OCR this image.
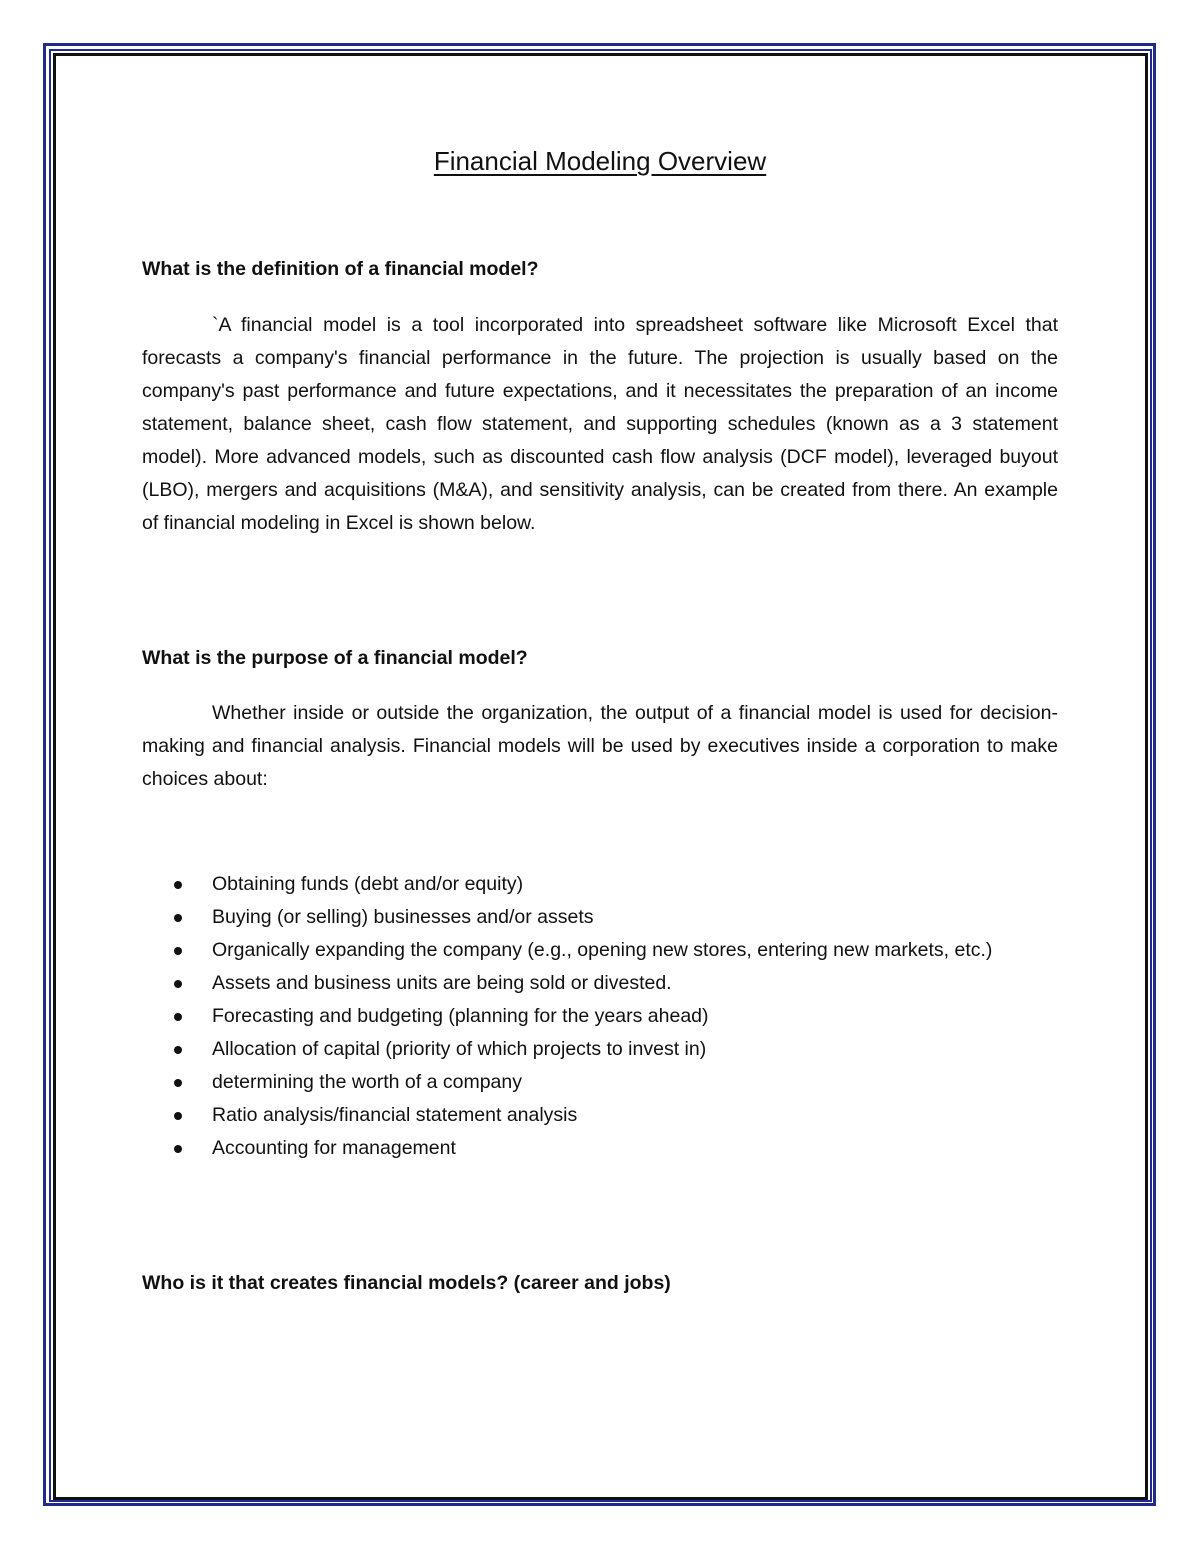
Financial Modeling Overview
What is the definition of a financial model?

`A financial model is a tool incorporated into spreadsheet software like Microsoft Excel that forecasts a company's financial performance in the future. The projection is usually based on the company's past performance and future expectations, and it necessitates the preparation of an income statement, balance sheet, cash flow statement, and supporting schedules (known as a 3 statement model). More advanced models, such as discounted cash flow analysis (DCF model), leveraged buyout (LBO), mergers and acquisitions (M&A), and sensitivity analysis, can be created from there. An example of financial modeling in Excel is shown below.

What is the purpose of a financial model?

Whether inside or outside the organization, the output of a financial model is used for decision-making and financial analysis. Financial models will be used by executives inside a corporation to make choices about:

Obtaining funds (debt and/or equity)
Buying (or selling) businesses and/or assets
Organically expanding the company (e.g., opening new stores, entering new markets, etc.)
Assets and business units are being sold or divested.
Forecasting and budgeting (planning for the years ahead)
Allocation of capital (priority of which projects to invest in)
determining the worth of a company
Ratio analysis/financial statement analysis
Accounting for management
Who is it that creates financial models? (career and jobs)
